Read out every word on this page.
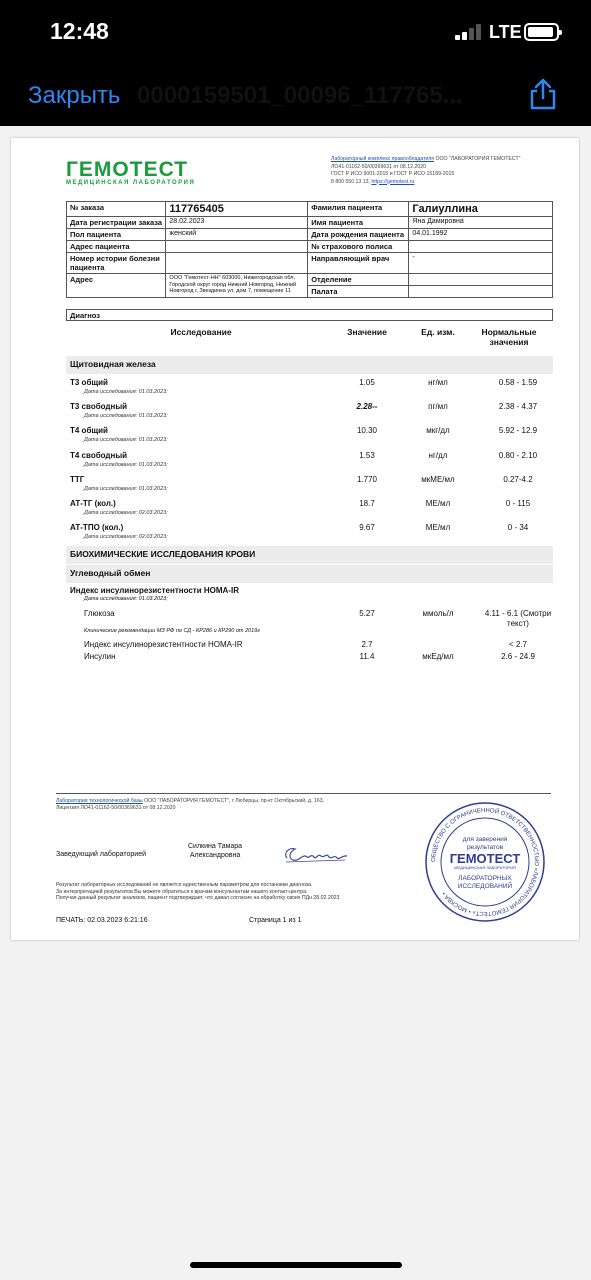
12:48	LTE
Закрыть 0000159501_00096_117765...
ГЕМОТЕСТ
МЕДИЦИНСКАЯ ЛАБОРАТОРИЯ
Лабораторный комплекс правообладателя ООО "ЛАБОРАТОРИЯ ГЕМОТЕСТ"
ЛО41-01162-50/00369631 от 08.12.2020
ГОСТ Р ИСО 9001-2015 и ГОСТ Р ИСО 15189-2015
8 800 550 13 13, https://gemotest.ru
№ заказа	117765405	Фамилия пациента	Галиуллина
Дата регистрации заказа	28.02.2023	Имя пациента	Яна Дамировна
Пол пациента	женский	Дата рождения пациента	04.01.1992
Адрес пациента		№ страхового полиса	
Номер истории болезни пациента		Направляющий врач	-
Адрес	ООО "Гемотест-НН" 603000, Нижегородская обл, Городской округ город Нижний Новгород, Нижний Новгород г, Звездинка ул, дом 7, помещение 11	Отделение	
		Палата	
Диагноз
Исследование	Значение	Ед. изм.	Нормальные значения
Щитовидная железа
Т3 общий
Дата исследования: 01.03.2023;
1.05	нг/мл	0.58 - 1.59
Т3 свободный
Дата исследования: 01.03.2023;
2.28--	пг/мл	2.38 - 4.37
Т4 общий
Дата исследования: 01.03.2023;
10.30	мкг/дл	5.92 - 12.9
Т4 свободный
Дата исследования: 01.03.2023;
1.53	нг/дл	0.80 - 2.10
ТТГ
Дата исследования: 01.03.2023;
1.770	мкМЕ/мл	0.27-4.2
АТ-ТГ (кол.)
Дата исследования: 02.03.2023;
18.7	МЕ/мл	0 - 115
АТ-ТПО (кол.)
Дата исследования: 02.03.2023;
9.67	МЕ/мл	0 - 34
БИОХИМИЧЕСКИЕ ИССЛЕДОВАНИЯ КРОВИ
Углеводный обмен
Индекс инсулинорезистентности HOMA-IR
Дата исследования: 01.03.2023;
Глюкоза	5.27	ммоль/л	4.11 - 6.1 (Смотри текст)
Клинические рекомендации МЗ РФ по СД - КР286 и КР290 от 2019г
Индекс инсулинорезистентности HOMA-IR	2.7	< 2.7
Инсулин	11.4	мкЕд/мл	2.6 - 24.9
Лаборатория технологической базы ООО "ЛАБОРАТОРИЯ ГЕМОТЕСТ", г Люберцы, пр-кт Октябрьский, д. 163,
Лицензия ЛО41-01162-50/00369631 от 08.12.2020
Заведующий лабораторией
Силкина Тамара
Александровна
Результат лабораторных исследований не является единственным параметром для постановки диагноза.
За интерпретацией результатов Вы можете обратиться к врачам-консультантам нашего контакт-центра.
Получая данный результат анализов, пациент подтверждает, что давал согласие на обработку своих ПДн 28.02.2023
ПЕЧАТЬ: 02.03.2023 6:21:16	Страница 1 из 1
ОБЩЕСТВО С ОГРАНИЧЕННОЙ ОТВЕТСТВЕННОСТЬЮ «ЛАБОРАТОРИЯ ГЕМОТЕСТ» • МОСКВА •
для заверения
результатов
ГЕМОТЕСТ
МЕДИЦИНСКАЯ ЛАБОРАТОРИЯ
ЛАБОРАТОРНЫХ
ИССЛЕДОВАНИЙ
